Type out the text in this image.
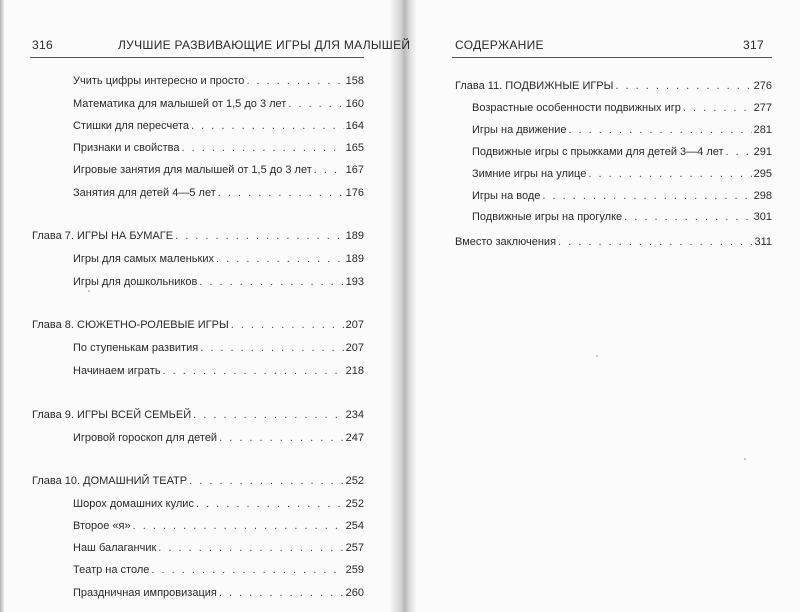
316	ЛУЧШИЕ РАЗВИВАЮЩИЕ ИГРЫ ДЛЯ МАЛЫШЕЙ	СОДЕРЖАНИЕ	317
Учить цифры интересно и просто . . .	158
Математика для малышей от 1,5 до 3 лет . . .	160
Стишки для пересчета . . .	164
Признаки и свойства . . .	165
Игровые занятия для малышей от 1,5 до 3 лет . . .	167
Занятия для детей 4—5 лет . . .	176
Глава 7. ИГРЫ НА БУМАГЕ . . .	189
Игры для самых маленьких . . .	189
Игры для дошкольников . . .	193
Глава 8. СЮЖЕТНО-РОЛЕВЫЕ ИГРЫ . . .	207
По ступенькам развития . . .	207
Начинаем играть . . .	218
Глава 9. ИГРЫ ВСЕЙ СЕМЬЕЙ . . .	234
Игровой гороскоп для детей . . .	247
Глава 10. ДОМАШНИЙ ТЕАТР . . .	252
Шорох домашних кулис . . .	252
Второе «я» . . .	254
Наш балаганчик . . .	257
Театр на столе . . .	259
Праздничная импровизация . . .	260
Глава 11. ПОДВИЖНЫЕ ИГРЫ . . .	276
Возрастные особенности подвижных игр . . .	277
Игры на движение . . .	281
Подвижные игры с прыжками для детей 3—4 лет . . .	291
Зимние игры на улице . . .	295
Игры на воде . . .	298
Подвижные игры на прогулке . . .	301
Вместо заключения . . .	311
